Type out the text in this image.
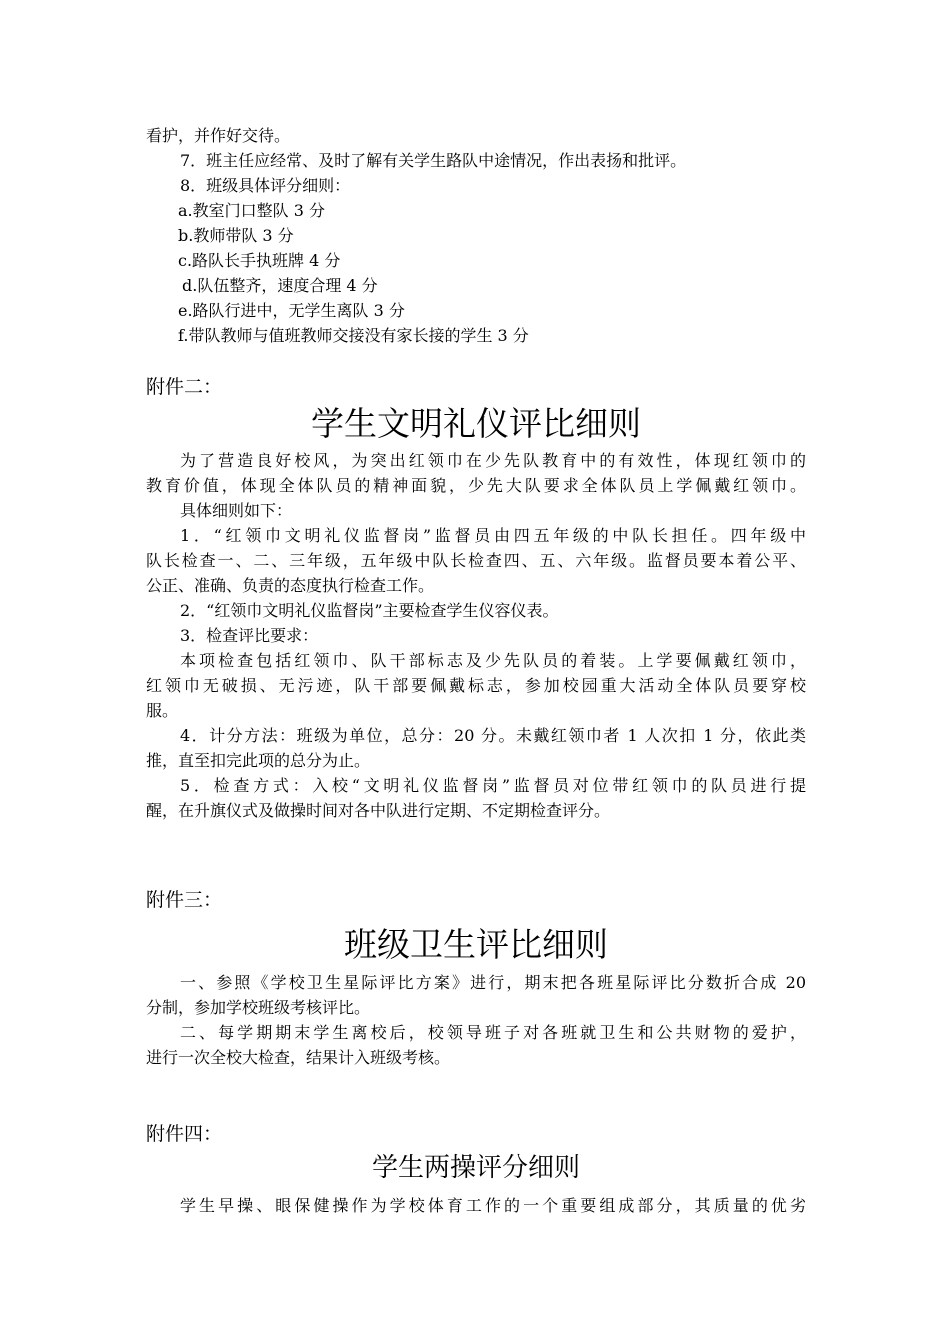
看护，并作好交待。
7．班主任应经常、及时了解有关学生路队中途情况，作出表扬和批评。
8．班级具体评分细则：
a.教室门口整队 3 分
b.教师带队 3 分
c.路队长手执班牌 4 分
d.队伍整齐，速度合理 4 分
e.路队行进中，无学生离队 3 分
f.带队教师与值班教师交接没有家长接的学生 3 分
附件二：
学生文明礼仪评比细则
为了营造良好校风，为突出红领巾在少先队教育中的有效性，体现红领巾的
教育价值，体现全体队员的精神面貌，少先大队要求全体队员上学佩戴红领巾。
具体细则如下：
1．“红领巾文明礼仪监督岗”监督员由四五年级的中队长担任。四年级中
队长检查一、二、三年级，五年级中队长检查四、五、六年级。监督员要本着公平、
公正、准确、负责的态度执行检查工作。
2．“红领巾文明礼仪监督岗”主要检查学生仪容仪表。
3．检查评比要求：
本项检查包括红领巾、队干部标志及少先队员的着装。上学要佩戴红领巾，
红领巾无破损、无污迹，队干部要佩戴标志，参加校园重大活动全体队员要穿校
服。
4．计分方法：班级为单位，总分：20 分。未戴红领巾者 1 人次扣 1 分，依此类
推，直至扣完此项的总分为止。
5．检查方式：入校“文明礼仪监督岗”监督员对位带红领巾的队员进行提
醒，在升旗仪式及做操时间对各中队进行定期、不定期检查评分。
附件三：
班级卫生评比细则
一、参照《学校卫生星际评比方案》进行，期末把各班星际评比分数折合成 20
分制，参加学校班级考核评比。
二、每学期期末学生离校后，校领导班子对各班就卫生和公共财物的爱护，
进行一次全校大检查，结果计入班级考核。
附件四：
学生两操评分细则
学生早操、眼保健操作为学校体育工作的一个重要组成部分，其质量的优劣
